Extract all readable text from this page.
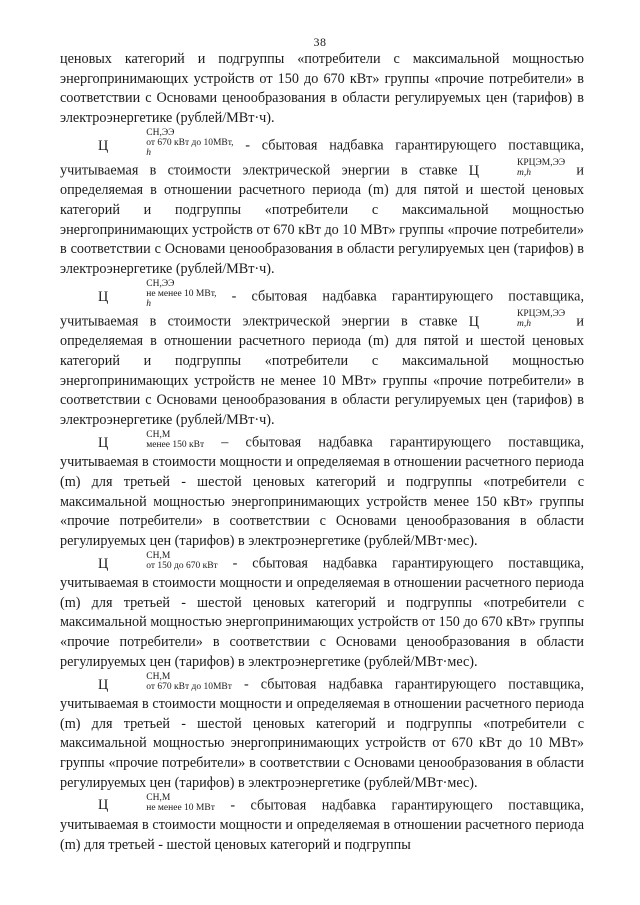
38

ценовых категорий и подгруппы «потребители с максимальной мощностью энергопринимающих устройств от 150 до 670 кВт» группы «прочие потребители» в соответствии с Основами ценообразования в области регулируемых цен (тарифов) в электроэнергетике (рублей/МВт·ч).

Ц
СН,ЭЭ
от 670 кВт до 10МВт,
h	- сбытовая надбавка гарантирующего поставщика, учитываемая в стоимости электрической энергии в ставке Ц	КРЦЭМ,ЭЭ
m,h	и определяемая в отношении расчетного периода (m) для пятой и шестой ценовых категорий и подгруппы «потребители с максимальной мощностью энергопринимающих устройств от 670 кВт до 10 МВт» группы «прочие потребители» в соответствии с Основами ценообразования в области регулируемых цен (тарифов) в электроэнергетике (рублей/МВт·ч).

Ц
СН,ЭЭ
не менее 10 МВт,
h	- сбытовая надбавка гарантирующего поставщика, учитываемая в стоимости электрической энергии в ставке Ц	КРЦЭМ,ЭЭ
m,h	и определяемая в отношении расчетного периода (m) для пятой и шестой ценовых категорий и подгруппы «потребители с максимальной мощностью энергопринимающих устройств не менее 10 МВт» группы «прочие потребители» в соответствии с Основами ценообразования в области регулируемых цен (тарифов) в электроэнергетике (рублей/МВт·ч).

Ц	СН,М
менее 150 кВт – сбытовая надбавка гарантирующего поставщика, учитываемая в стоимости мощности и определяемая в отношении расчетного периода (m) для третьей - шестой ценовых категорий и подгруппы «потребители с максимальной мощностью энергопринимающих устройств менее 150 кВт» группы «прочие потребители» в соответствии с Основами ценообразования в области регулируемых цен (тарифов) в электроэнергетике (рублей/МВт·мес).

Ц	СН,М
от 150 до 670 кВт - сбытовая надбавка гарантирующего поставщика, учитываемая в стоимости мощности и определяемая в отношении расчетного периода (m) для третьей - шестой ценовых категорий и подгруппы «потребители с максимальной мощностью энергопринимающих устройств от 150 до 670 кВт» группы «прочие потребители» в соответствии с Основами ценообразования в области регулируемых цен (тарифов) в электроэнергетике (рублей/МВт·мес).

Ц	СН,М
от 670 кВт до 10МВт - сбытовая надбавка гарантирующего поставщика, учитываемая в стоимости мощности и определяемая в отношении расчетного периода (m) для третьей - шестой ценовых категорий и подгруппы «потребители с максимальной мощностью энергопринимающих устройств от 670 кВт до 10 МВт» группы «прочие потребители» в соответствии с Основами ценообразования в области регулируемых цен (тарифов) в электроэнергетике (рублей/МВт·мес).

Ц	СН,М
не менее 10 МВт - сбытовая надбавка гарантирующего поставщика, учитываемая в стоимости мощности и определяемая в отношении расчетного периода (m) для третьей - шестой ценовых категорий и подгруппы
